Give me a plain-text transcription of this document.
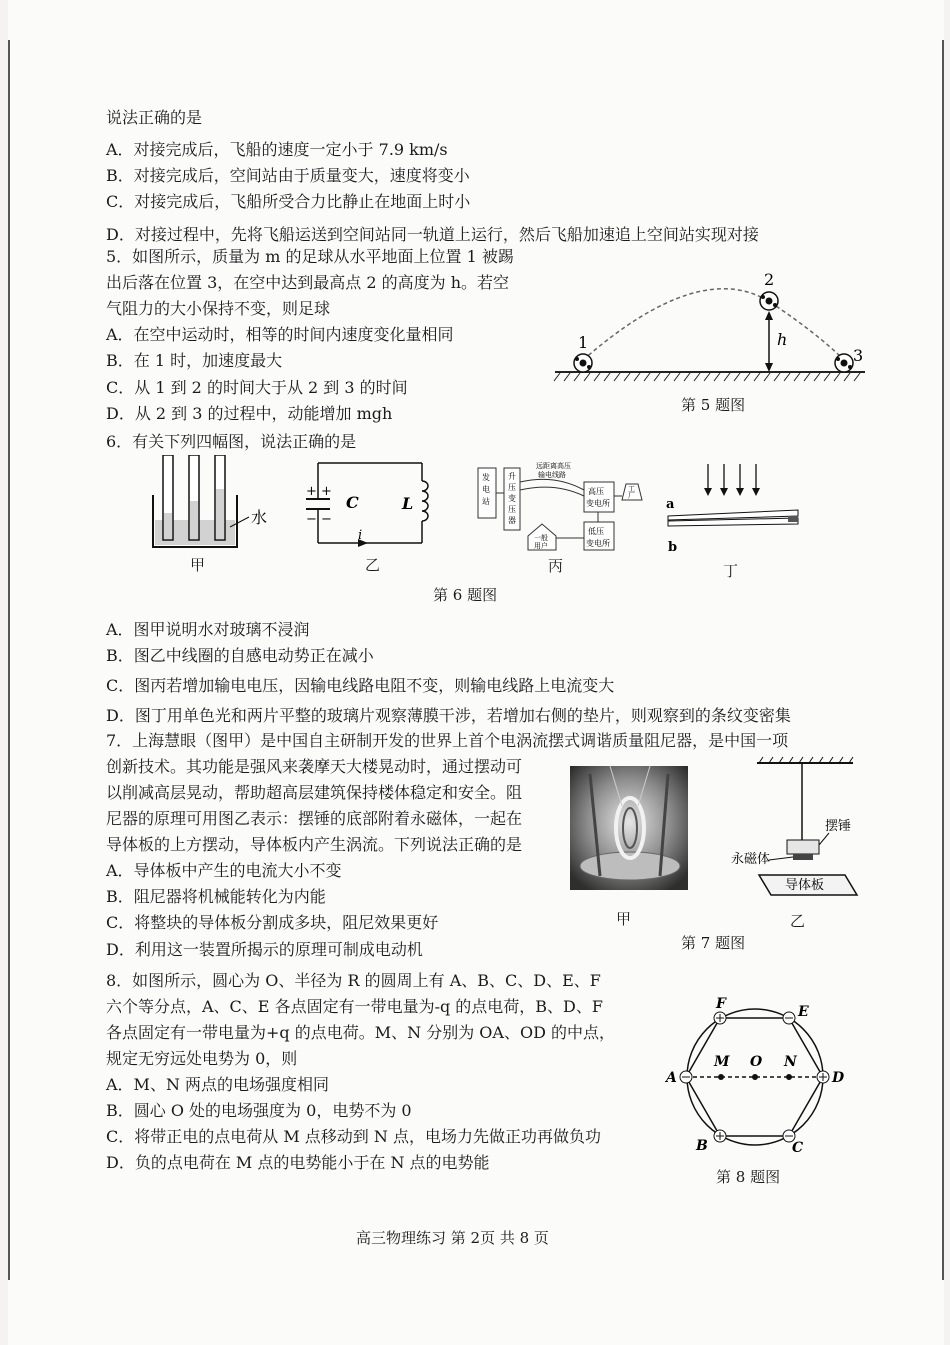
说法正确的是
A．对接完成后，飞船的速度一定小于 7.9 km/s
B．对接完成后，空间站由于质量变大，速度将变小
C．对接完成后，飞船所受合力比静止在地面上时小
D．对接过程中，先将飞船运送到空间站同一轨道上运行，然后飞船加速追上空间站实现对接
5．如图所示，质量为 m 的足球从水平地面上位置 1 被踢
出后落在位置 3，在空中达到最高点 2 的高度为 h。若空
气阻力的大小保持不变，则足球
A．在空中运动时，相等的时间内速度变化量相同
B．在 1 时，加速度最大
C．从 1 到 2 的时间大于从 2 到 3 的时间
D．从 2 到 3 的过程中，动能增加 mgh
1
2
3
h
第 5 题图
6．有关下列四幅图，说法正确的是
水
甲
+ +
− −
C	L
i
乙
发电站
升压变压器
远距离高压输电线路
高压变电所
工厂
低压变电所
一般用户
丙
a
b
丁
第 6 题图
A．图甲说明水对玻璃不浸润
B．图乙中线圈的自感电动势正在减小
C．图丙若增加输电电压，因输电线路电阻不变，则输电线路上电流变大
D．图丁用单色光和两片平整的玻璃片观察薄膜干涉，若增加右侧的垫片，则观察到的条纹变密集
7．上海慧眼（图甲）是中国自主研制开发的世界上首个电涡流摆式调谐质量阻尼器，是中国一项
创新技术。其功能是强风来袭摩天大楼晃动时，通过摆动可
以削减高层晃动，帮助超高层建筑保持楼体稳定和安全。阻
尼器的原理可用图乙表示：摆锤的底部附着永磁体，一起在
导体板的上方摆动，导体板内产生涡流。下列说法正确的是
A．导体板中产生的电流大小不变
B．阻尼器将机械能转化为内能
C．将整块的导体板分割成多块，阻尼效果更好
D．利用这一装置所揭示的原理可制成电动机
甲
摆锤
永磁体
导体板
乙
第 7 题图
8．如图所示，圆心为 O、半径为 R 的圆周上有 A、B、C、D、E、F
六个等分点，A、C、E 各点固定有一带电量为-q 的点电荷，B、D、F
各点固定有一带电量为+q 的点电荷。M、N 分别为 OA、OD 的中点，
规定无穷远处电势为 0，则
A．M、N 两点的电场强度相同
B．圆心 O 处的电场强度为 0，电势不为 0
C．将带正电的点电荷从 M 点移动到 N 点，电场力先做正功再做负功
D．负的点电荷在 M 点的电势能小于在 N 点的电势能
F	E
A	D
B	C
M O N
第 8 题图
高三物理练习 第 2页 共 8 页
